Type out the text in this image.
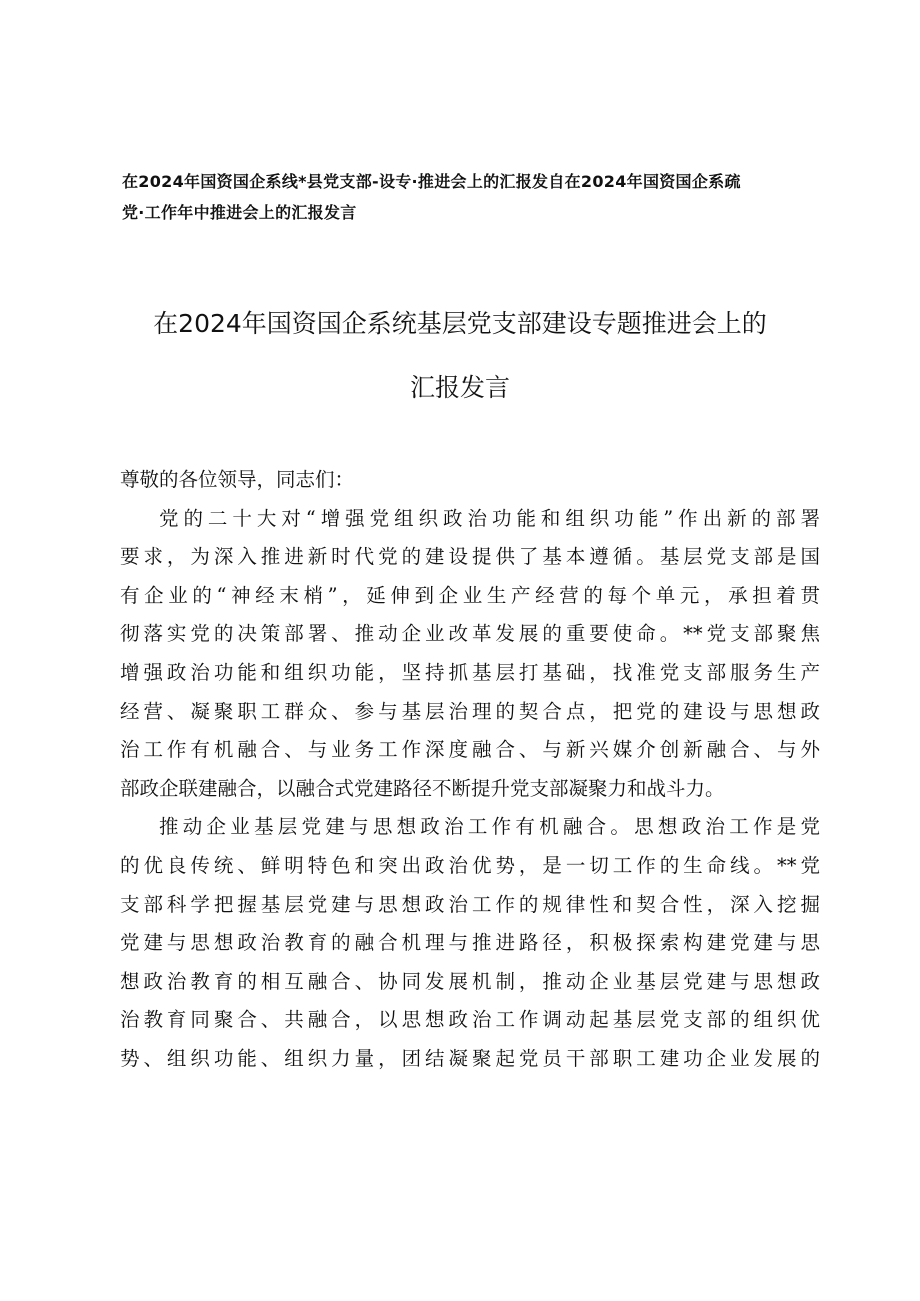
在2024年国资国企系线*县党支部-设专·推进会上的汇报发自在2024年国资国企系疏
党·工作年中推进会上的汇报发言
在2024年国资国企系统基层党支部建设专题推进会上的
汇报发言
尊敬的各位领导，同志们：
党的二十大对“增强党组织政治功能和组织功能”作出新的部署
要求，为深入推进新时代党的建设提供了基本遵循。基层党支部是国
有企业的“神经末梢”，延伸到企业生产经营的每个单元，承担着贯
彻落实党的决策部署、推动企业改革发展的重要使命。**党支部聚焦
增强政治功能和组织功能，坚持抓基层打基础，找准党支部服务生产
经营、凝聚职工群众、参与基层治理的契合点，把党的建设与思想政
治工作有机融合、与业务工作深度融合、与新兴媒介创新融合、与外
部政企联建融合，以融合式党建路径不断提升党支部凝聚力和战斗力。
推动企业基层党建与思想政治工作有机融合。思想政治工作是党
的优良传统、鲜明特色和突出政治优势，是一切工作的生命线。**党
支部科学把握基层党建与思想政治工作的规律性和契合性，深入挖掘
党建与思想政治教育的融合机理与推进路径，积极探索构建党建与思
想政治教育的相互融合、协同发展机制，推动企业基层党建与思想政
治教育同聚合、共融合，以思想政治工作调动起基层党支部的组织优
势、组织功能、组织力量，团结凝聚起党员干部职工建功企业发展的
